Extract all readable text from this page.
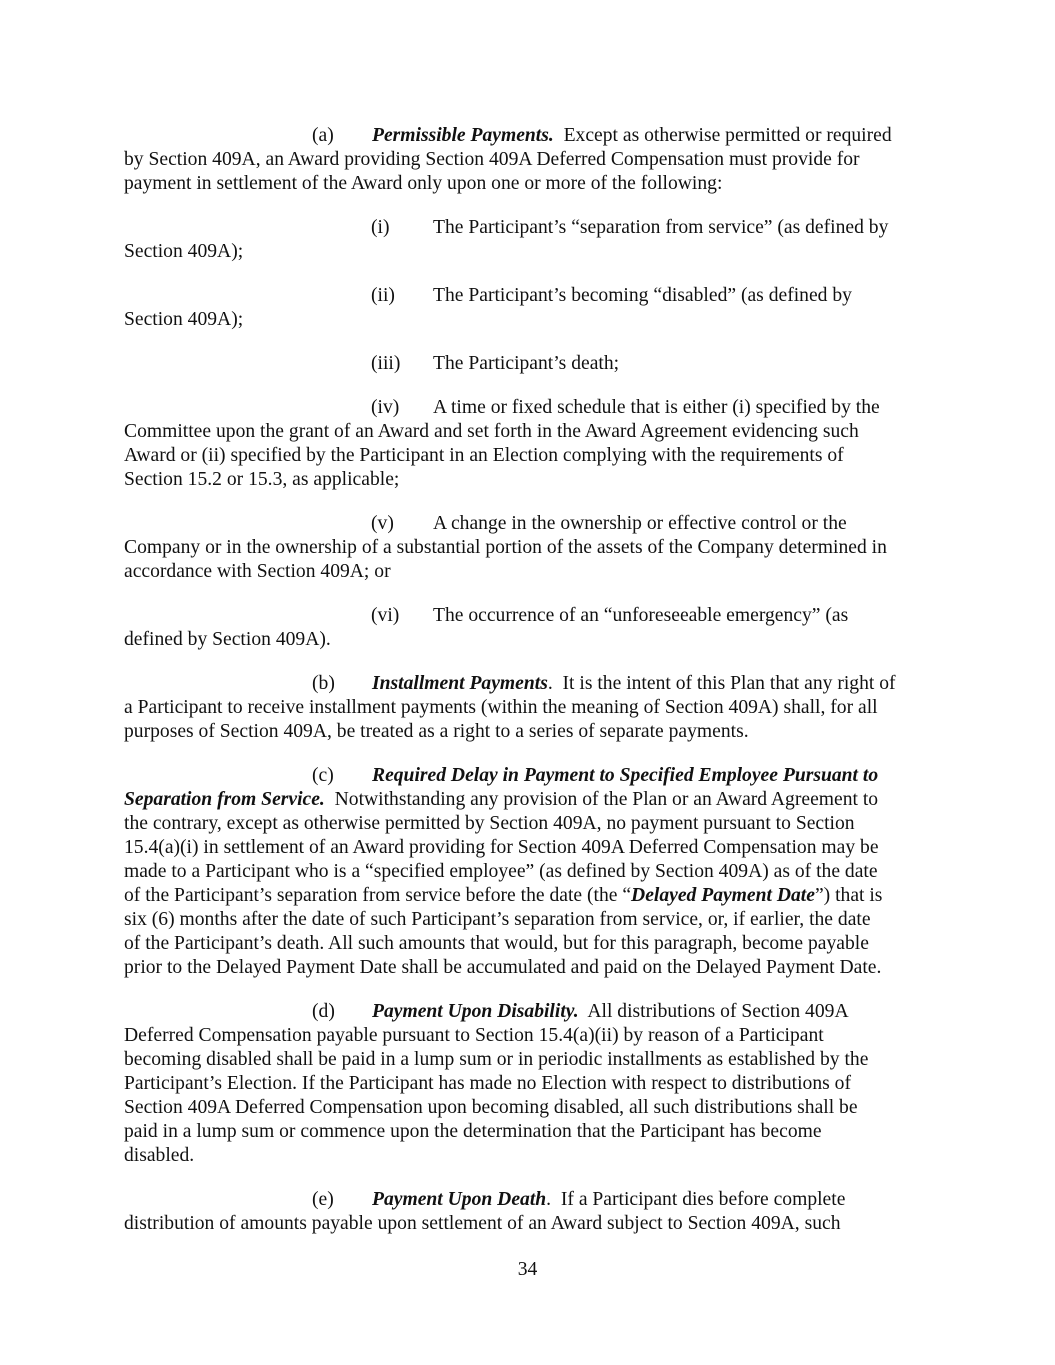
(a) Permissible Payments.  Except as otherwise permitted or required
by Section 409A, an Award providing Section 409A Deferred Compensation must provide for
payment in settlement of the Award only upon one or more of the following:
(i) The Participant’s “separation from service” (as defined by
Section 409A);
(ii) The Participant’s becoming “disabled” (as defined by
Section 409A);
(iii) The Participant’s death;
(iv) A time or fixed schedule that is either (i) specified by the
Committee upon the grant of an Award and set forth in the Award Agreement evidencing such
Award or (ii) specified by the Participant in an Election complying with the requirements of
Section 15.2 or 15.3, as applicable;
(v) A change in the ownership or effective control or the
Company or in the ownership of a substantial portion of the assets of the Company determined in
accordance with Section 409A; or
(vi) The occurrence of an “unforeseeable emergency” (as
defined by Section 409A).
(b) Installment Payments.  It is the intent of this Plan that any right of
a Participant to receive installment payments (within the meaning of Section 409A) shall, for all
purposes of Section 409A, be treated as a right to a series of separate payments.
(c) Required Delay in Payment to Specified Employee Pursuant to
Separation from Service.  Notwithstanding any provision of the Plan or an Award Agreement to
the contrary, except as otherwise permitted by Section 409A, no payment pursuant to Section
15.4(a)(i) in settlement of an Award providing for Section 409A Deferred Compensation may be
made to a Participant who is a “specified employee” (as defined by Section 409A) as of the date
of the Participant’s separation from service before the date (the “Delayed Payment Date”) that is
six (6) months after the date of such Participant’s separation from service, or, if earlier, the date
of the Participant’s death. All such amounts that would, but for this paragraph, become payable
prior to the Delayed Payment Date shall be accumulated and paid on the Delayed Payment Date.
(d) Payment Upon Disability.  All distributions of Section 409A
Deferred Compensation payable pursuant to Section 15.4(a)(ii) by reason of a Participant
becoming disabled shall be paid in a lump sum or in periodic installments as established by the
Participant’s Election. If the Participant has made no Election with respect to distributions of
Section 409A Deferred Compensation upon becoming disabled, all such distributions shall be
paid in a lump sum or commence upon the determination that the Participant has become
disabled.
(e) Payment Upon Death.  If a Participant dies before complete
distribution of amounts payable upon settlement of an Award subject to Section 409A, such
34
